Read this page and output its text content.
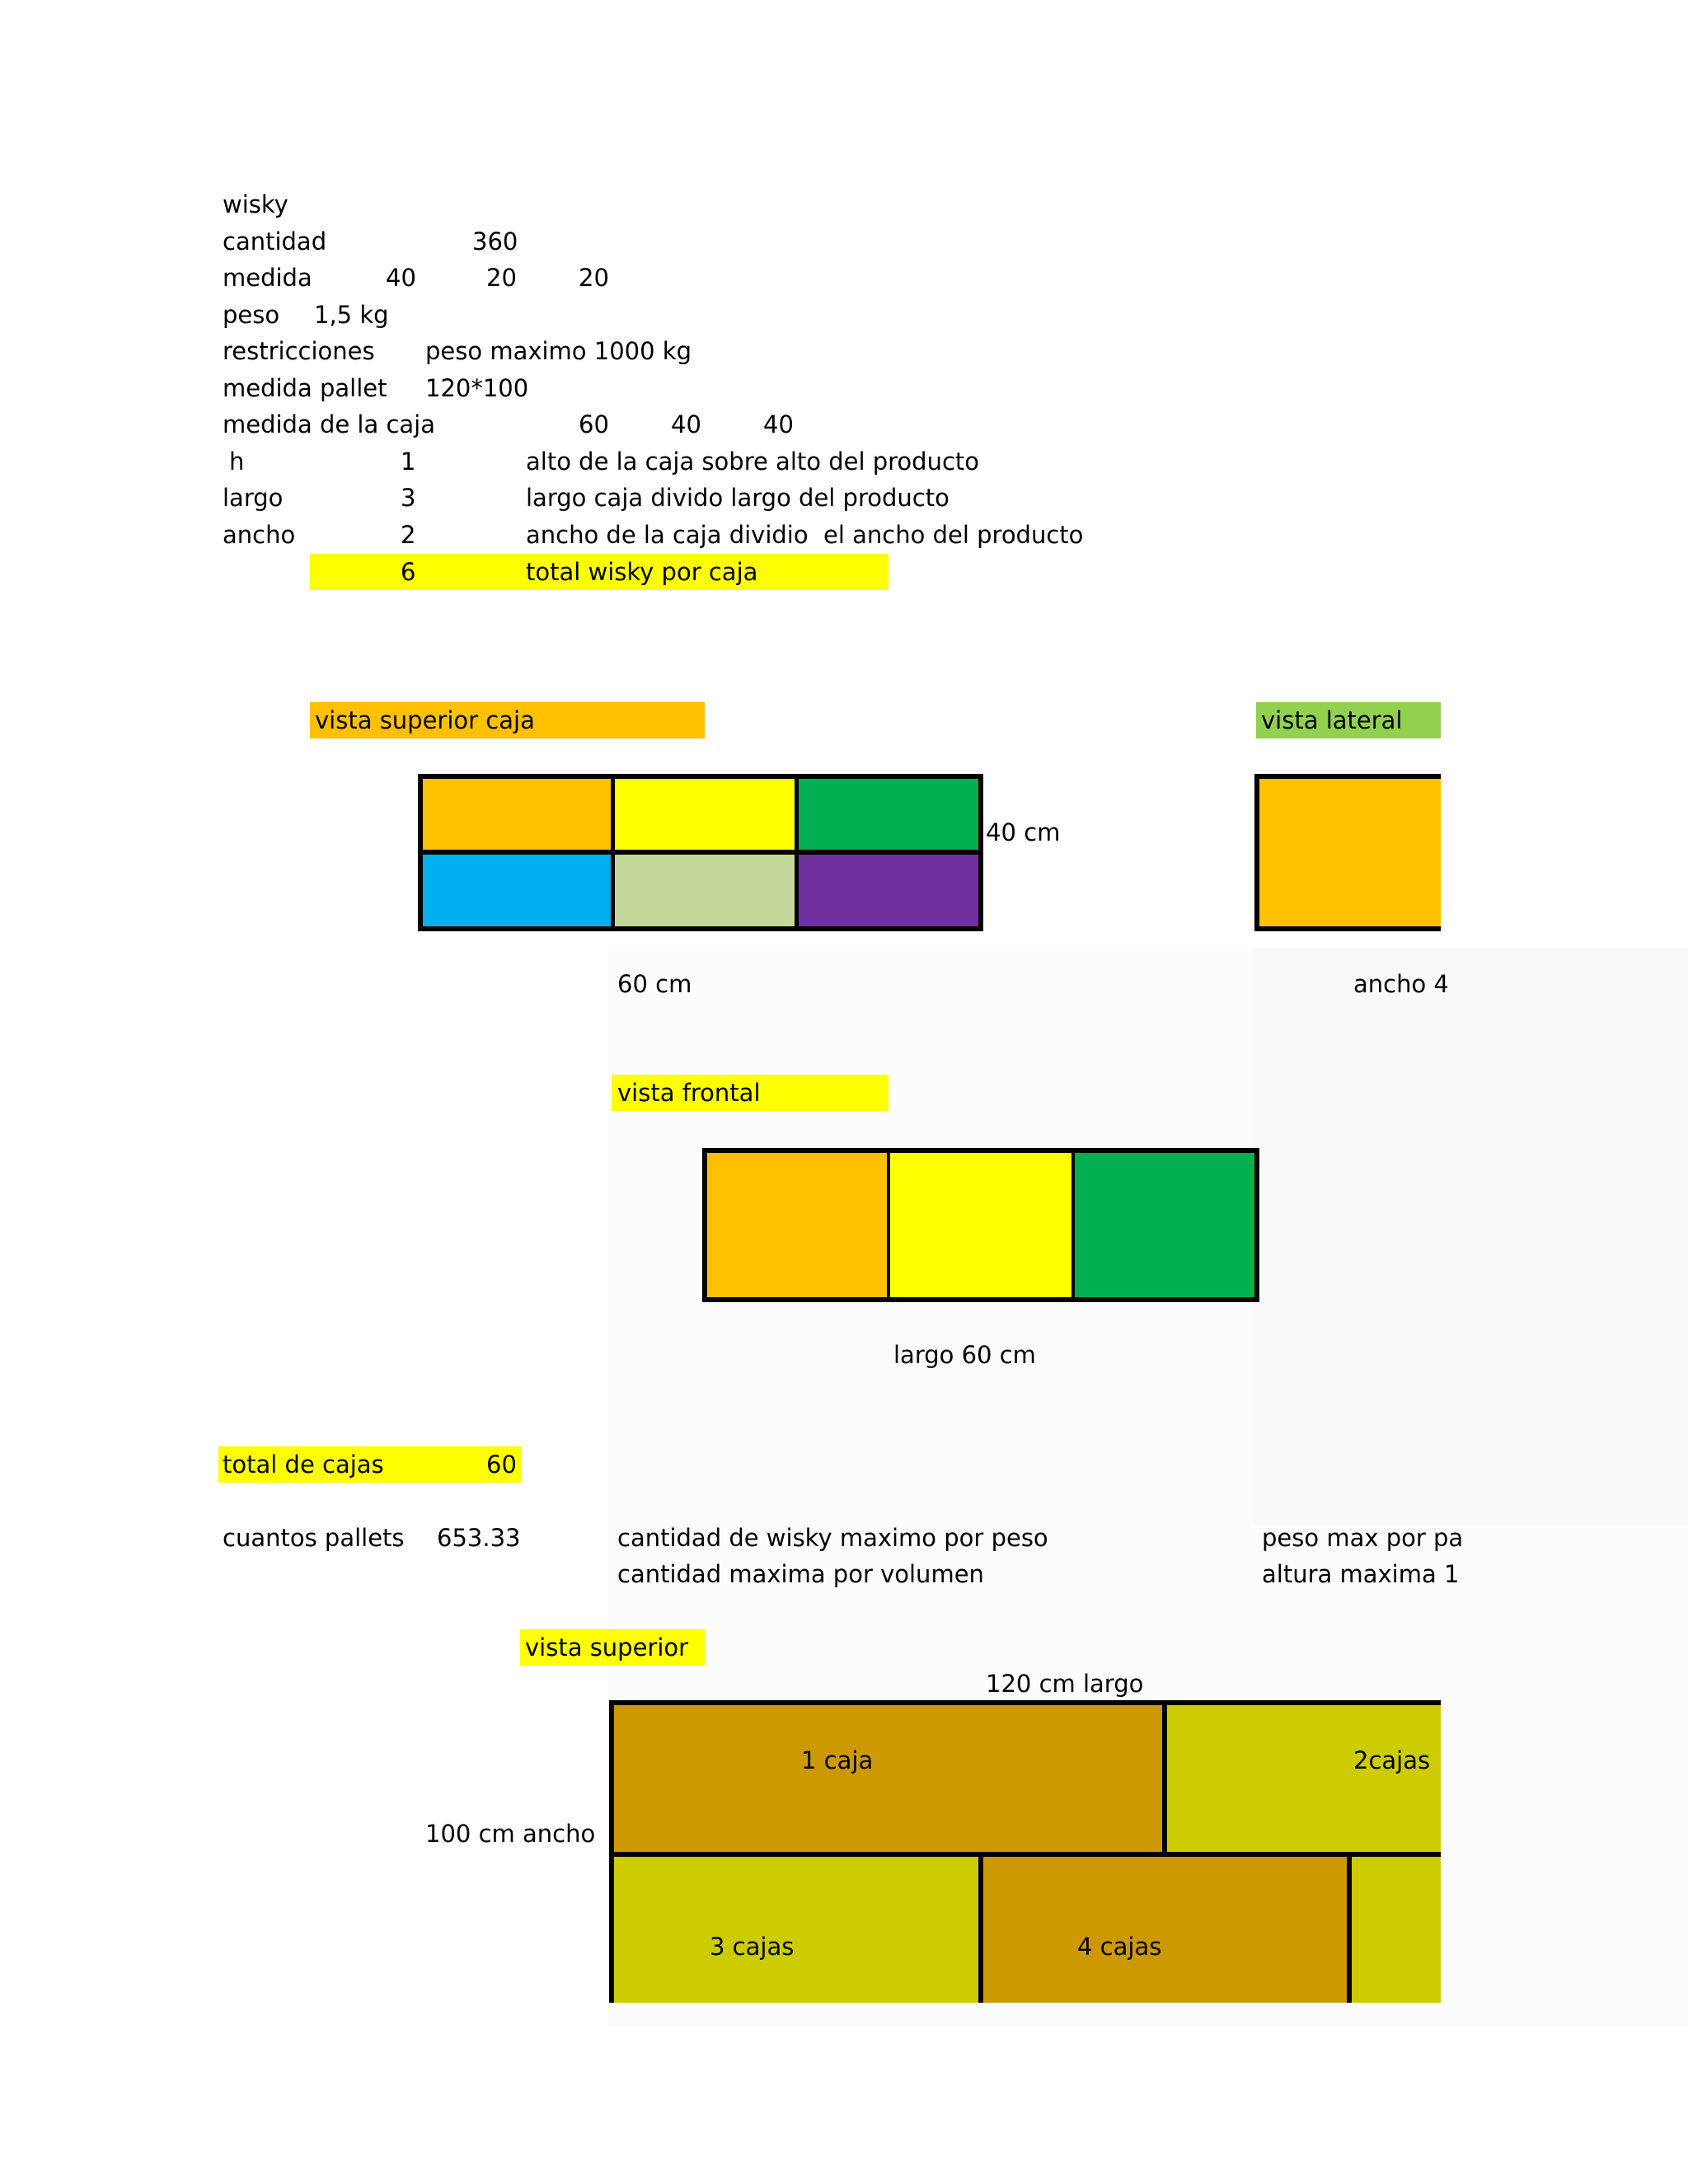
wisky
cantidad	360
medida	40	20	20
peso 1,5 kg
restricciones peso maximo 1000 kg
medida pallet 120*100
medida de la caja	60	40	40
h	1	alto de la caja sobre alto del producto
largo	3	largo caja divido largo del producto
ancho	2	ancho de la caja dividio  el ancho del producto
6	total wisky por caja
vista superior caja	vista lateral
40 cm
60 cm	ancho 4
vista frontal
largo 60 cm
total de cajas	60
cuantos pallets 653.33	cantidad de wisky maximo por peso	peso max por pa
cantidad maxima por volumen	altura maxima 1
vista superior
120 cm largo
100 cm ancho
1 caja	2cajas
3 cajas	4 cajas
